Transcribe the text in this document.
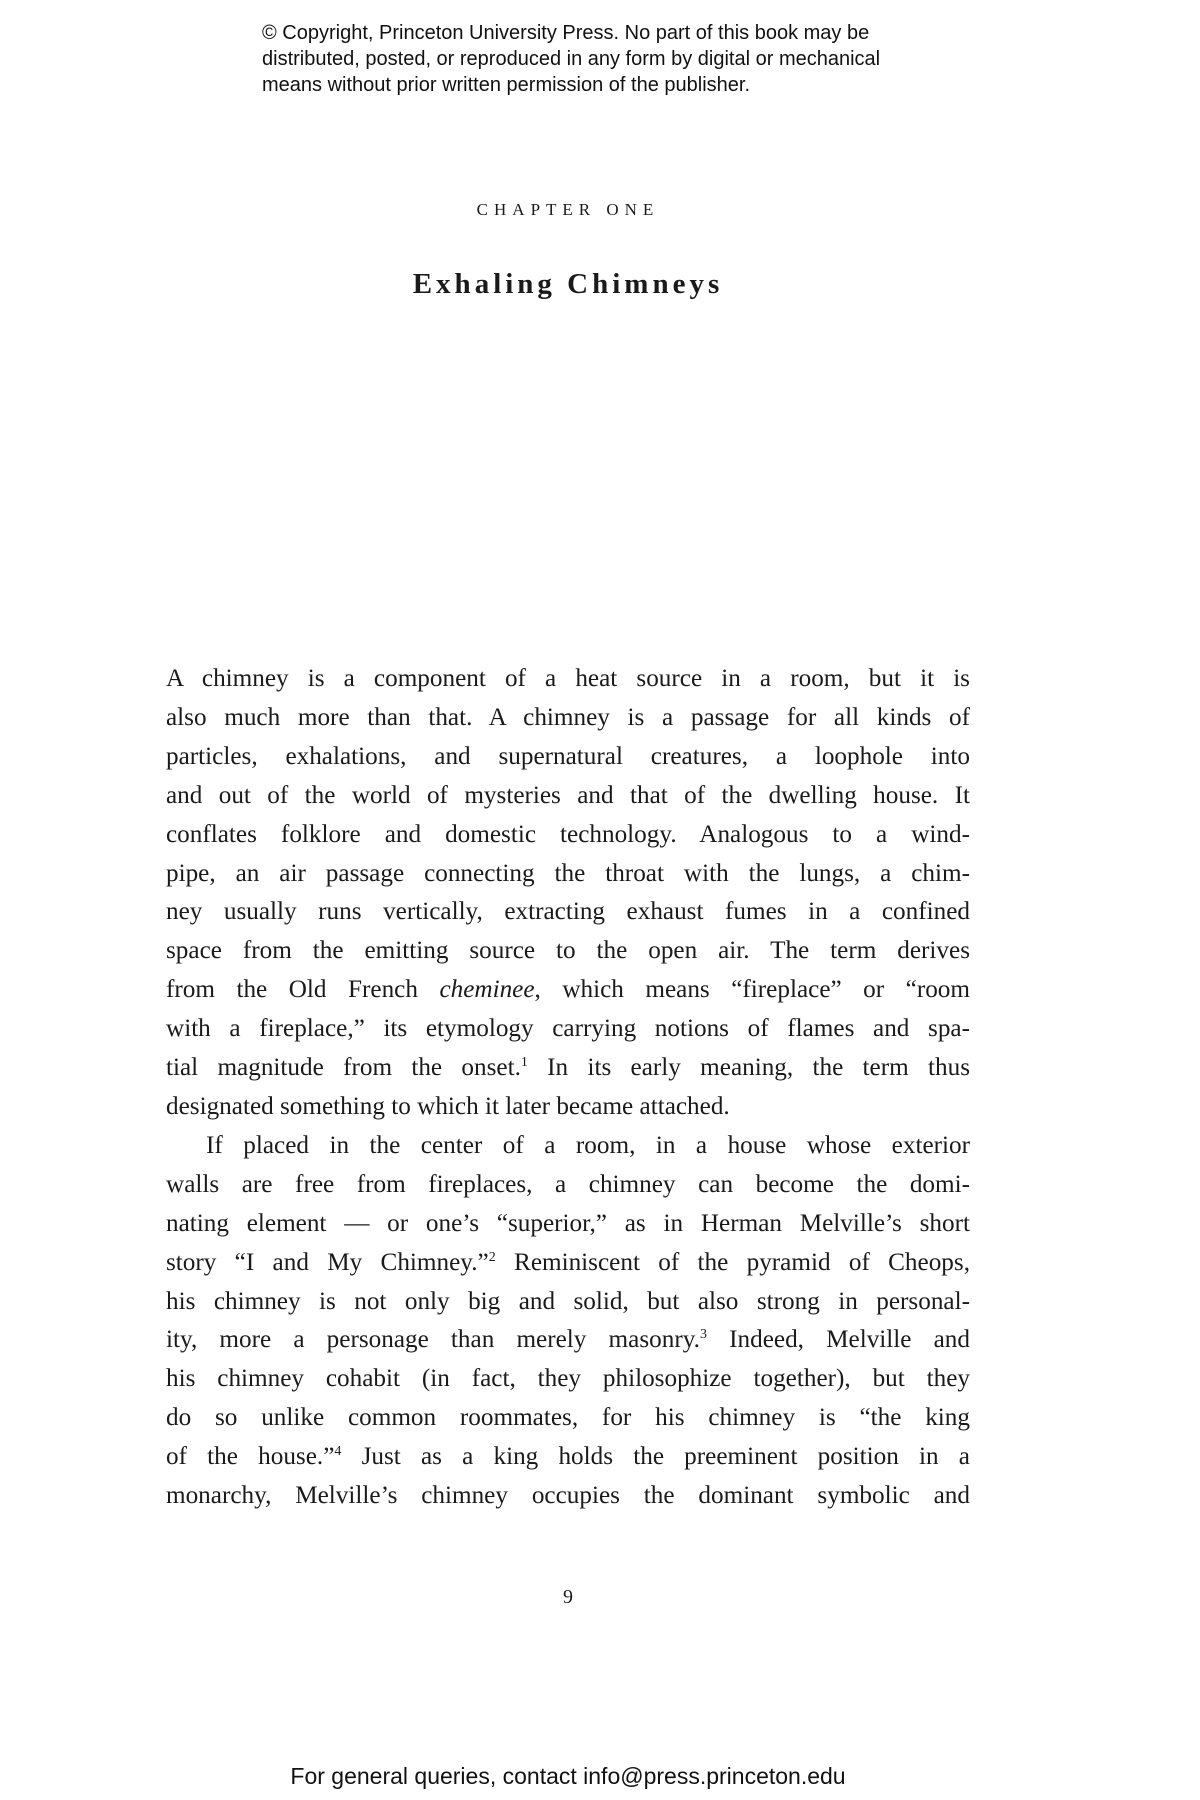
© Copyright, Princeton University Press. No part of this book may be
distributed, posted, or reproduced in any form by digital or mechanical
means without prior written permission of the publisher.

CHAPTER ONE

Exhaling Chimneys
A chimney is a component of a heat source in a room, but it is
also much more than that. A chimney is a passage for all kinds of
particles, exhalations, and supernatural creatures, a loophole into
and out of the world of mysteries and that of the dwelling house. It
conflates folklore and domestic technology. Analogous to a wind-
pipe, an air passage connecting the throat with the lungs, a chim-
ney usually runs vertically, extracting exhaust fumes in a confined
space from the emitting source to the open air. The term derives
from the Old French cheminee, which means “fireplace” or “room
with a fireplace,” its etymology carrying notions of flames and spa-
tial magnitude from the onset.$^1$ In its early meaning, the term thus
designated something to which it later became attached.
If placed in the center of a room, in a house whose exterior
walls are free from fireplaces, a chimney can become the domi-
nating element — or one’s “superior,” as in Herman Melville’s short
story “I and My Chimney.”$^2$ Reminiscent of the pyramid of Cheops,
his chimney is not only big and solid, but also strong in personal-
ity, more a personage than merely masonry.$^3$ Indeed, Melville and
his chimney cohabit (in fact, they philosophize together), but they
do so unlike common roommates, for his chimney is “the king
of the house.”$^4$ Just as a king holds the preeminent position in a
monarchy, Melville’s chimney occupies the dominant symbolic and

9

For general queries, contact info@press.princeton.edu
